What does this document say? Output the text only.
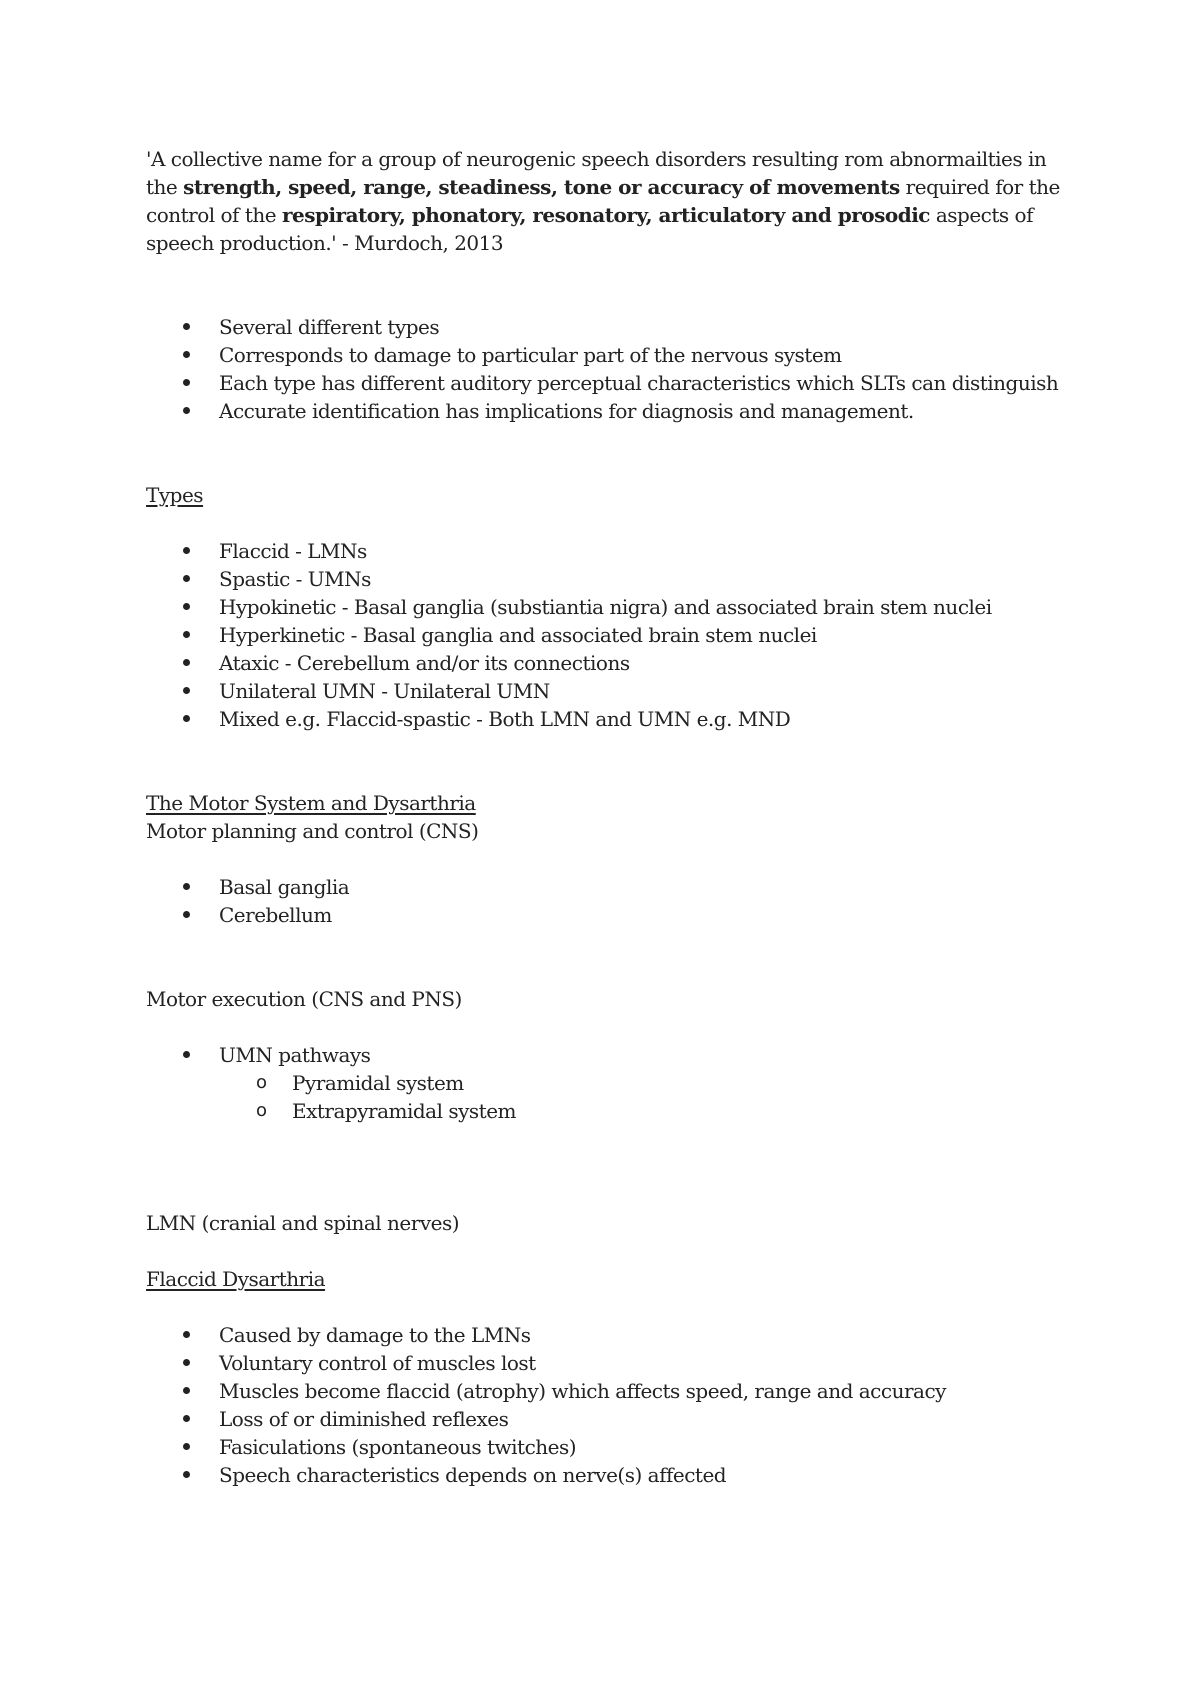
'A collective name for a group of neurogenic speech disorders resulting rom abnormailties in the strength, speed, range, steadiness, tone or accuracy of movements required for the control of the respiratory, phonatory, resonatory, articulatory and prosodic aspects of speech production.' - Murdoch, 2013

Several different types
Corresponds to damage to particular part of the nervous system
Each type has different auditory perceptual characteristics which SLTs can distinguish
Accurate identification has implications for diagnosis and management.

Types

Flaccid - LMNs
Spastic - UMNs
Hypokinetic - Basal ganglia (substiantia nigra) and associated brain stem nuclei
Hyperkinetic - Basal ganglia and associated brain stem nuclei
Ataxic - Cerebellum and/or its connections
Unilateral UMN - Unilateral UMN
Mixed e.g. Flaccid-spastic - Both LMN and UMN e.g. MND

The Motor System and Dysarthria

Motor planning and control (CNS)

Basal ganglia
Cerebellum

Motor execution (CNS and PNS)

UMN pathways
o Pyramidal system
o Extrapyramidal system

LMN (cranial and spinal nerves)

Flaccid Dysarthria

Caused by damage to the LMNs
Voluntary control of muscles lost
Muscles become flaccid (atrophy) which affects speed, range and accuracy
Loss of or diminished reflexes
Fasiculations (spontaneous twitches)
Speech characteristics depends on nerve(s) affected
